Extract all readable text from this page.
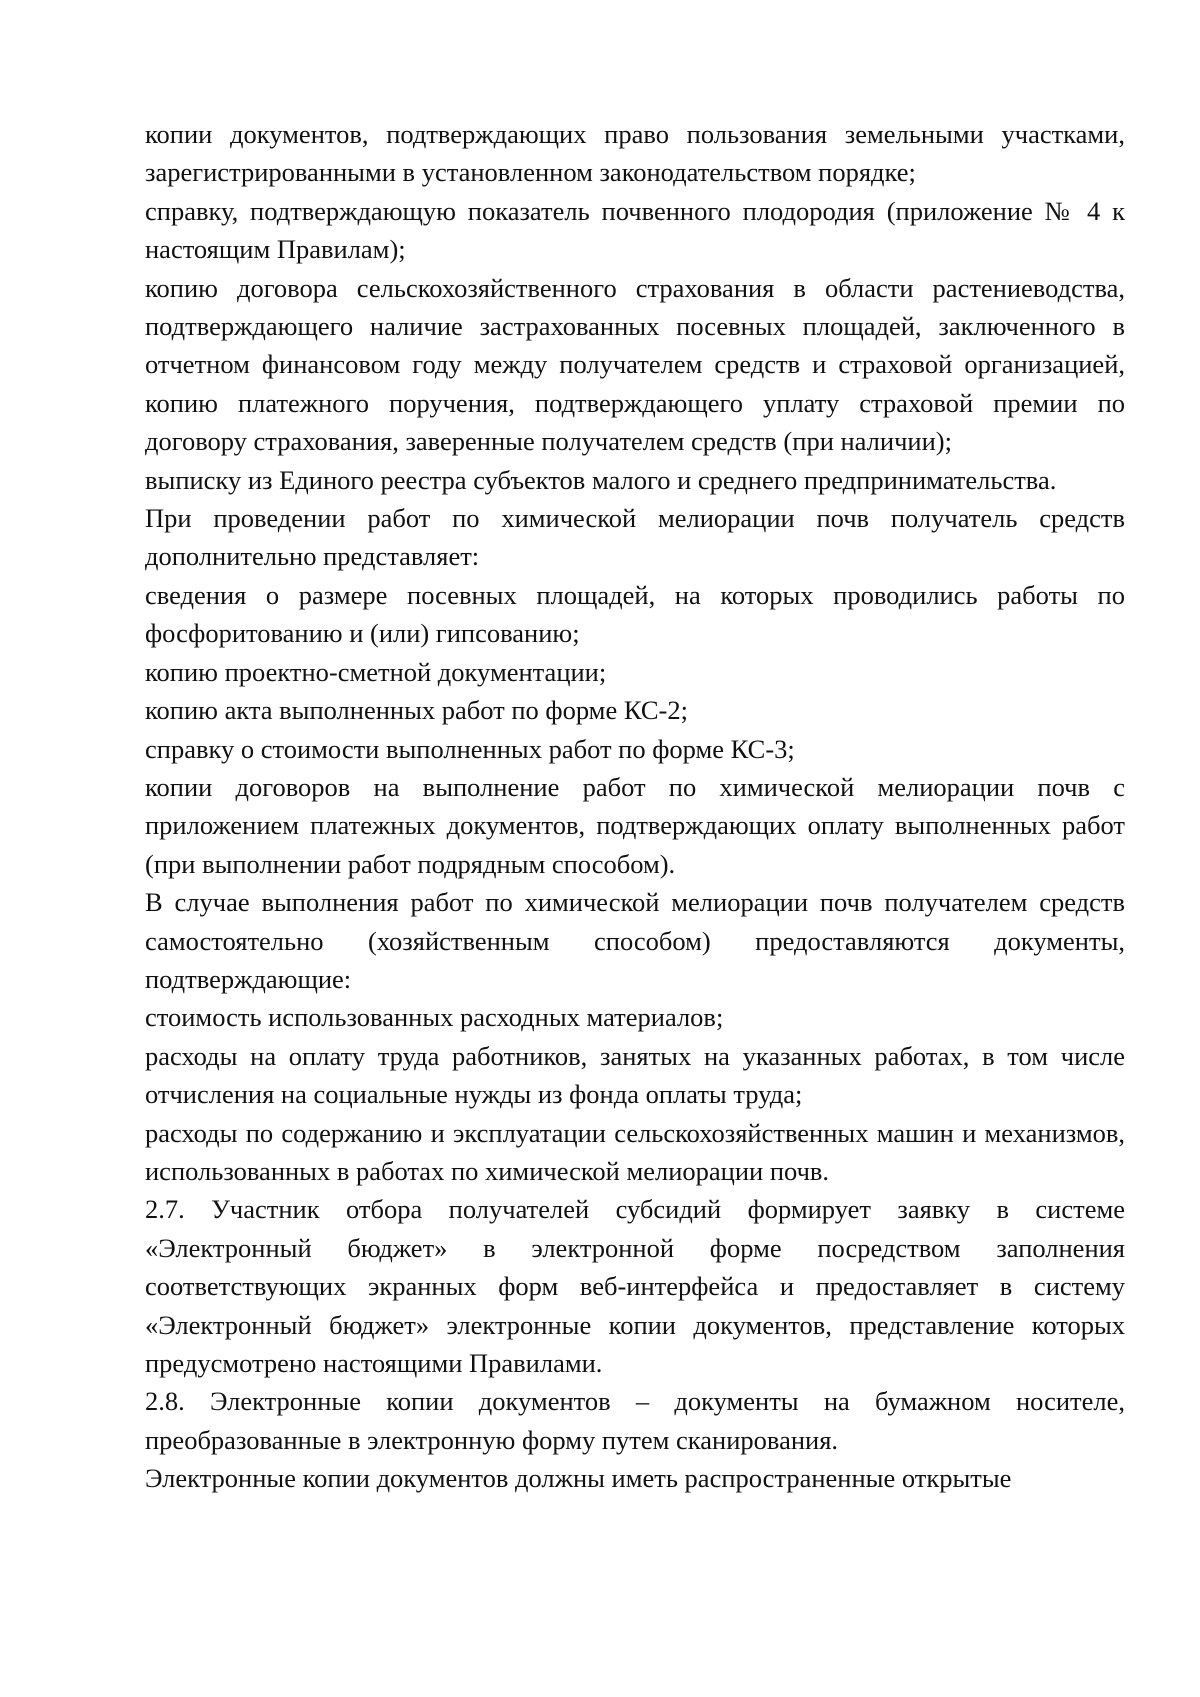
копии документов, подтверждающих право пользования земельными участками, зарегистрированными в установленном законодательством порядке;

справку, подтверждающую показатель почвенного плодородия (приложение № 4 к настоящим Правилам);

копию договора сельскохозяйственного страхования в области растениеводства, подтверждающего наличие застрахованных посевных площадей, заключенного в отчетном финансовом году между получателем средств и страховой организацией, копию платежного поручения, подтверждающего уплату страховой премии по договору страхования, заверенные получателем средств (при наличии);

выписку из Единого реестра субъектов малого и среднего предпринимательства.

При проведении работ по химической мелиорации почв получатель средств дополнительно представляет:

сведения о размере посевных площадей, на которых проводились работы по фосфоритованию и (или) гипсованию;

копию проектно-сметной документации;

копию акта выполненных работ по форме КС-2;

справку о стоимости выполненных работ по форме КС-3;

копии договоров на выполнение работ по химической мелиорации почв с приложением платежных документов, подтверждающих оплату выполненных работ (при выполнении работ подрядным способом).

В случае выполнения работ по химической мелиорации почв получателем средств самостоятельно (хозяйственным способом) предоставляются документы, подтверждающие:

стоимость использованных расходных материалов;

расходы на оплату труда работников, занятых на указанных работах, в том числе отчисления на социальные нужды из фонда оплаты труда;

расходы по содержанию и эксплуатации сельскохозяйственных машин и механизмов, использованных в работах по химической мелиорации почв.

2.7. Участник отбора получателей субсидий формирует заявку в системе «Электронный бюджет» в электронной форме посредством заполнения соответствующих экранных форм веб-интерфейса и предоставляет в систему «Электронный бюджет» электронные копии документов, представление которых предусмотрено настоящими Правилами.

2.8. Электронные копии документов – документы на бумажном носителе, преобразованные в электронную форму путем сканирования.

Электронные копии документов должны иметь распространенные открытые
